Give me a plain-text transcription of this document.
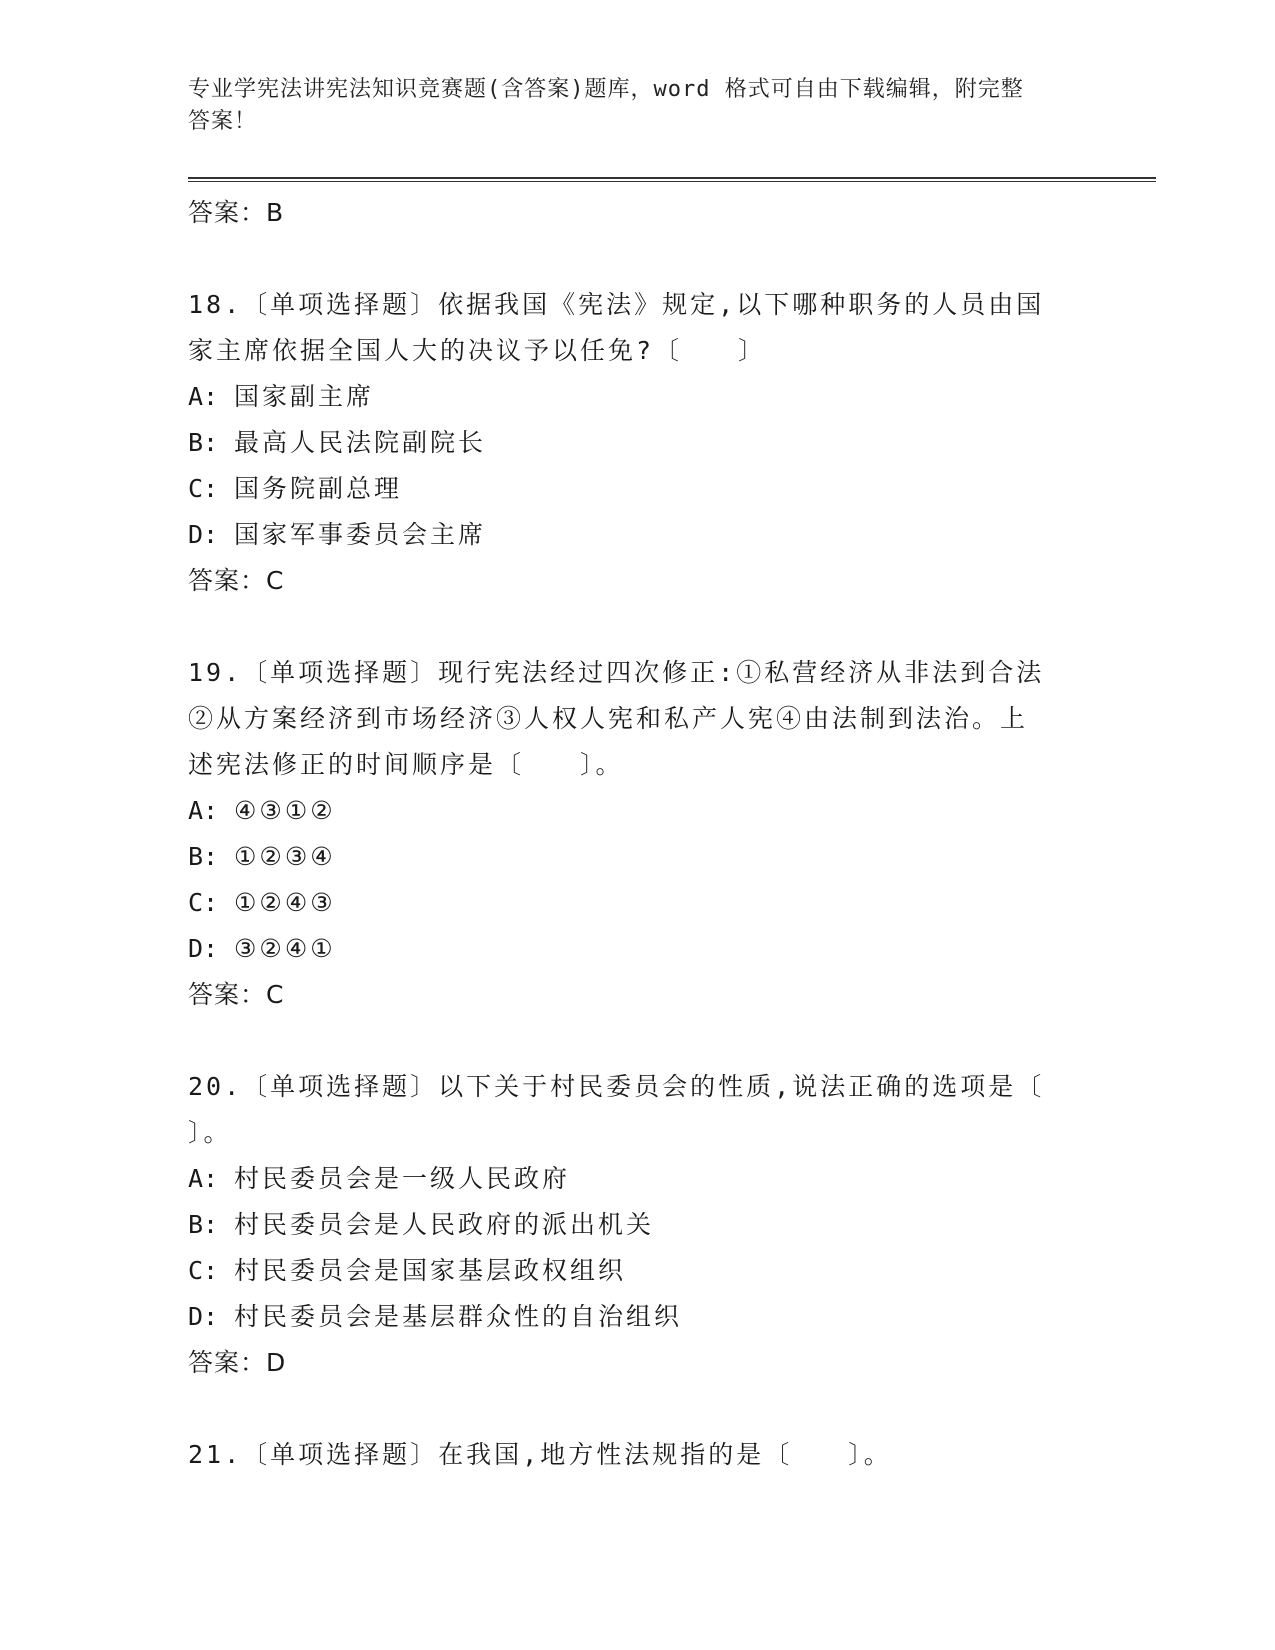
专业学宪法讲宪法知识竞赛题(含答案)题库，word 格式可自由下载编辑，附完整
答案！
答案：B
18.〔单项选择题〕依据我国《宪法》规定,以下哪种职务的人员由国
家主席依据全国人大的决议予以任免?〔　　〕
A: 国家副主席
B: 最高人民法院副院长
C: 国务院副总理
D: 国家军事委员会主席
答案：C
19.〔单项选择题〕现行宪法经过四次修正:①私营经济从非法到合法
②从方案经济到市场经济③人权人宪和私产人宪④由法制到法治。上
述宪法修正的时间顺序是〔　　〕。
A: ④③①②
B: ①②③④
C: ①②④③
D: ③②④①
答案：C
20.〔单项选择题〕以下关于村民委员会的性质,说法正确的选项是〔
〕。
A: 村民委员会是一级人民政府
B: 村民委员会是人民政府的派出机关
C: 村民委员会是国家基层政权组织
D: 村民委员会是基层群众性的自治组织
答案：D
21.〔单项选择题〕在我国,地方性法规指的是〔　　〕。
